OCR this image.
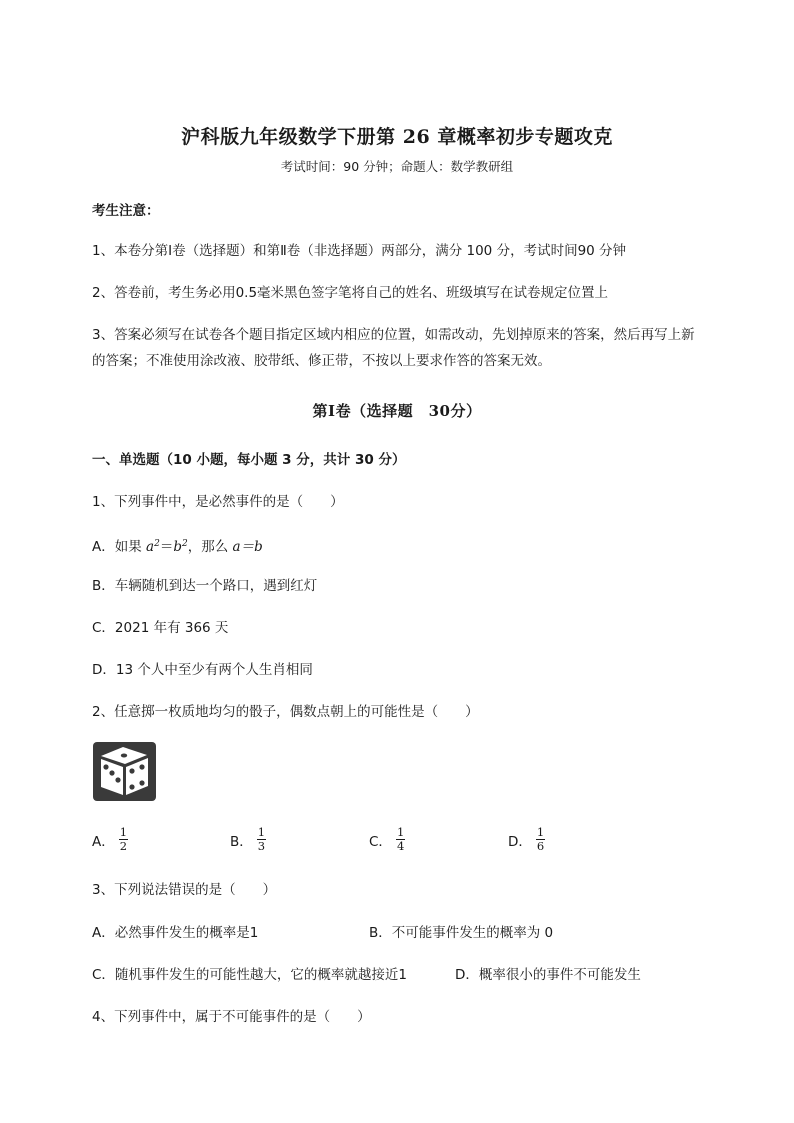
沪科版九年级数学下册第 26 章概率初步专题攻克
考试时间：90 分钟；命题人：数学教研组
考生注意：
1、本卷分第Ⅰ卷（选择题）和第Ⅱ卷（非选择题）两部分，满分 100 分，考试时间90 分钟
2、答卷前，考生务必用0.5毫米黑色签字笔将自己的姓名、班级填写在试卷规定位置上
3、答案必须写在试卷各个题目指定区域内相应的位置，如需改动，先划掉原来的答案，然后再写上新
的答案；不准使用涂改液、胶带纸、修正带，不按以上要求作答的答案无效。
第Ⅰ卷（选择题　30分）
一、单选题（10 小题，每小题 3 分，共计 30 分）
1、下列事件中，是必然事件的是（　　）
A．如果 $a^2=b^2$，那么 a＝b
B．车辆随机到达一个路口，遇到红灯
C．2021 年有 366 天
D．13 个人中至少有两个人生肖相同
2、任意掷一枚质地均匀的骰子，偶数点朝上的可能性是（　　）
A． $\frac{1}{2}$	B． $\frac{1}{3}$	C． $\frac{1}{4}$	D． $\frac{1}{6}$
3、下列说法错误的是（　　）
A．必然事件发生的概率是1	B．不可能事件发生的概率为 0
C．随机事件发生的可能性越大，它的概率就越接近1	D．概率很小的事件不可能发生
4、下列事件中，属于不可能事件的是（　　）
